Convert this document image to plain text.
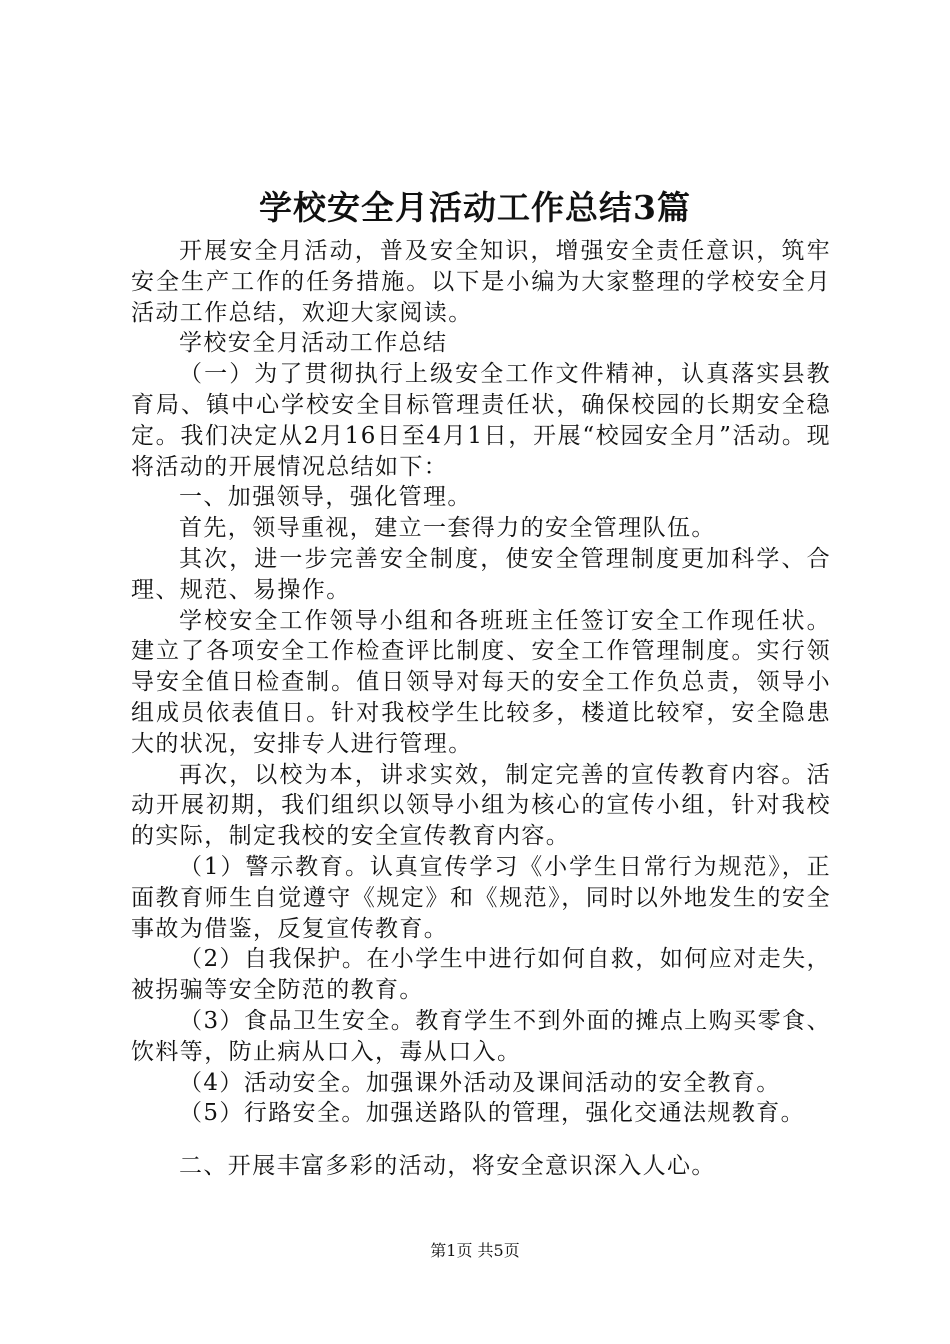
学校安全月活动工作总结3篇

开展安全月活动，普及安全知识，增强安全责任意识，筑牢安全生产工作的任务措施。以下是小编为大家整理的学校安全月活动工作总结，欢迎大家阅读。

学校安全月活动工作总结

（一）为了贯彻执行上级安全工作文件精神，认真落实县教育局、镇中心学校安全目标管理责任状，确保校园的长期安全稳定。我们决定从2月16日至4月1日，开展“校园安全月”活动。现将活动的开展情况总结如下：

一、加强领导，强化管理。

首先，领导重视，建立一套得力的安全管理队伍。

其次，进一步完善安全制度，使安全管理制度更加科学、合理、规范、易操作。

学校安全工作领导小组和各班班主任签订安全工作现任状。建立了各项安全工作检查评比制度、安全工作管理制度。实行领导安全值日检查制。值日领导对每天的安全工作负总责，领导小组成员依表值日。针对我校学生比较多，楼道比较窄，安全隐患大的状况，安排专人进行管理。

再次，以校为本，讲求实效，制定完善的宣传教育内容。活动开展初期，我们组织以领导小组为核心的宣传小组，针对我校的实际，制定我校的安全宣传教育内容。

（1）警示教育。认真宣传学习《小学生日常行为规范》，正面教育师生自觉遵守《规定》和《规范》，同时以外地发生的安全事故为借鉴，反复宣传教育。

（2）自我保护。在小学生中进行如何自救，如何应对走失，被拐骗等安全防范的教育。

（3）食品卫生安全。教育学生不到外面的摊点上购买零食、饮料等，防止病从口入，毒从口入。

（4）活动安全。加强课外活动及课间活动的安全教育。

（5）行路安全。加强送路队的管理，强化交通法规教育。

二、开展丰富多彩的活动，将安全意识深入人心。

第1页 共5页
